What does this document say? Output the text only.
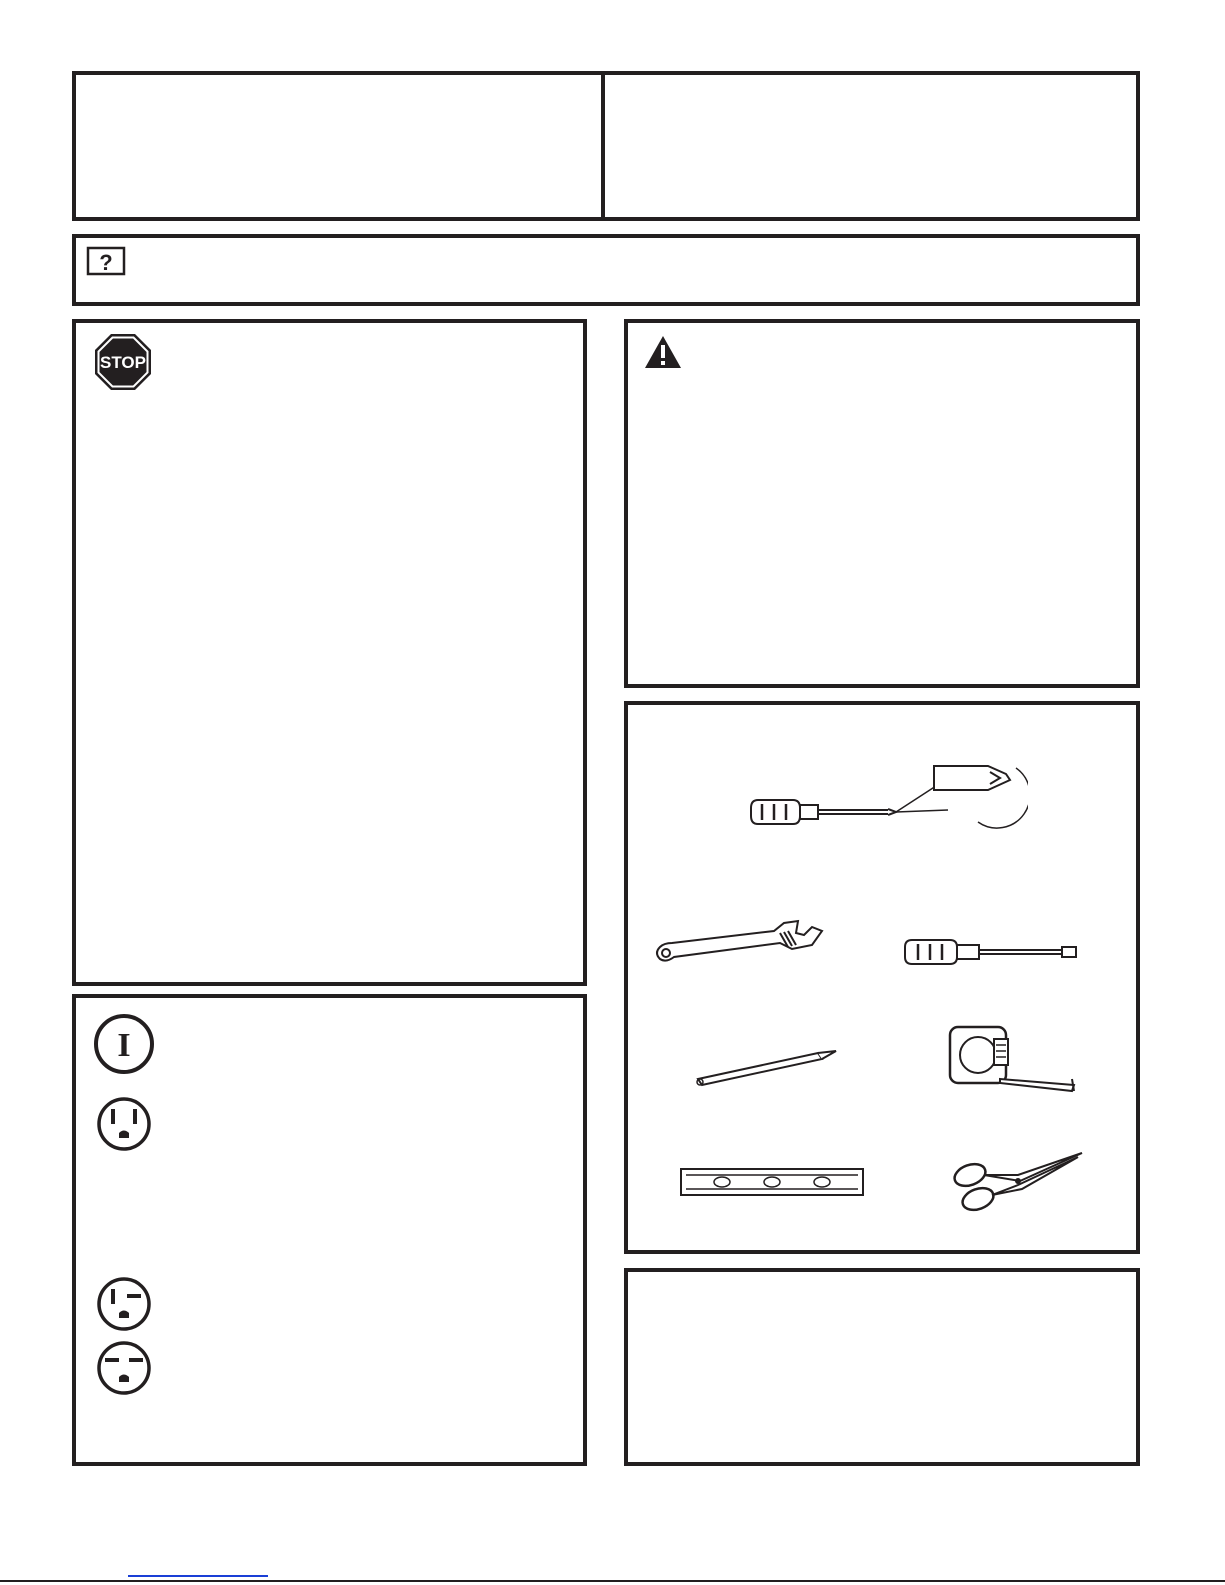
?
STOP
I
